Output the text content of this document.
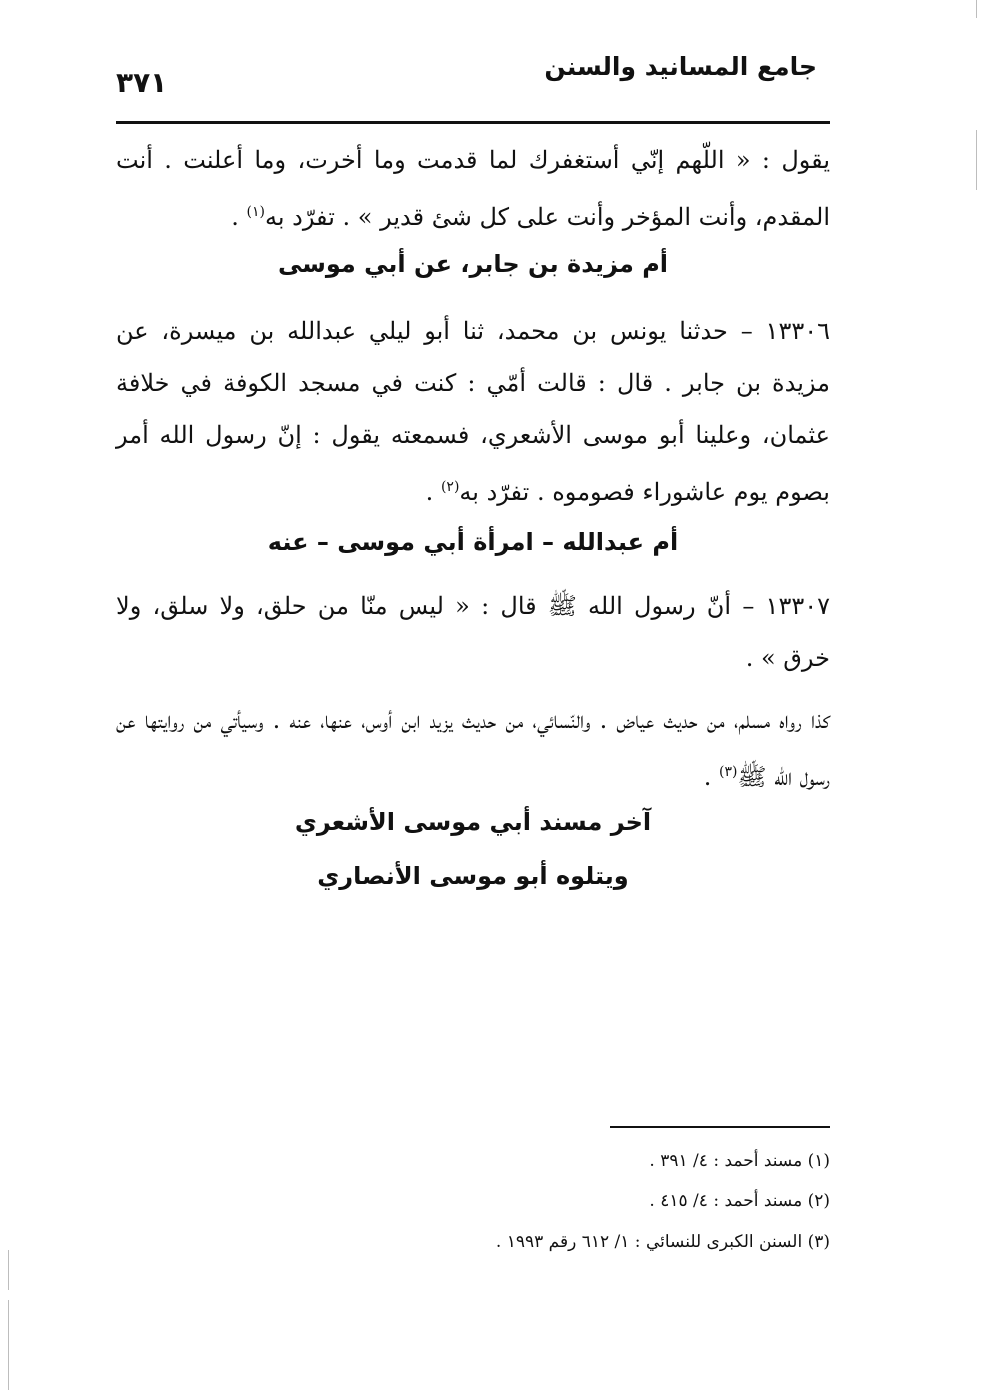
جامع المسانيد والسنن
٣٧١

يقول : « اللّهم إنّي أستغفرك لما قدمت وما أخرت، وما أعلنت . أنت المقدم، وأنت المؤخر وأنت على كل شئ قدير » . تفرّد به$^{(١)}$ .

أم مزيدة بن جابر، عن أبي موسى

١٣٣٠٦ – حدثنا يونس بن محمد، ثنا أبو ليلي عبدالله بن ميسرة، عن مزيدة بن جابر . قال : قالت أمّي : كنت في مسجد الكوفة في خلافة عثمان، وعلينا أبو موسى الأشعري، فسمعته يقول : إنّ رسول الله أمر بصوم يوم عاشوراء فصوموه . تفرّد به$^{(٢)}$ .

أم عبدالله – امرأة أبي موسى – عنه

١٣٣٠٧ – أنّ رسول الله ﷺ قال : « ليس منّا من حلق، ولا سلق، ولا خرق » .

كذا رواه مسلم، من حديث عياض . والنّسائي، من حديث يزيد ابن أوس، عنها، عنه . وسيأتي من روايتها عن رسول الله ﷺ$^{(٣)}$ .

آخر مسند أبي موسى الأشعري
ويتلوه أبو موسى الأنصاري

(١) مسند أحمد : ٤/ ٣٩١ .

(٢) مسند أحمد : ٤/ ٤١٥ .

(٣) السنن الكبرى للنسائي : ١/ ٦١٢ رقم ١٩٩٣ .
